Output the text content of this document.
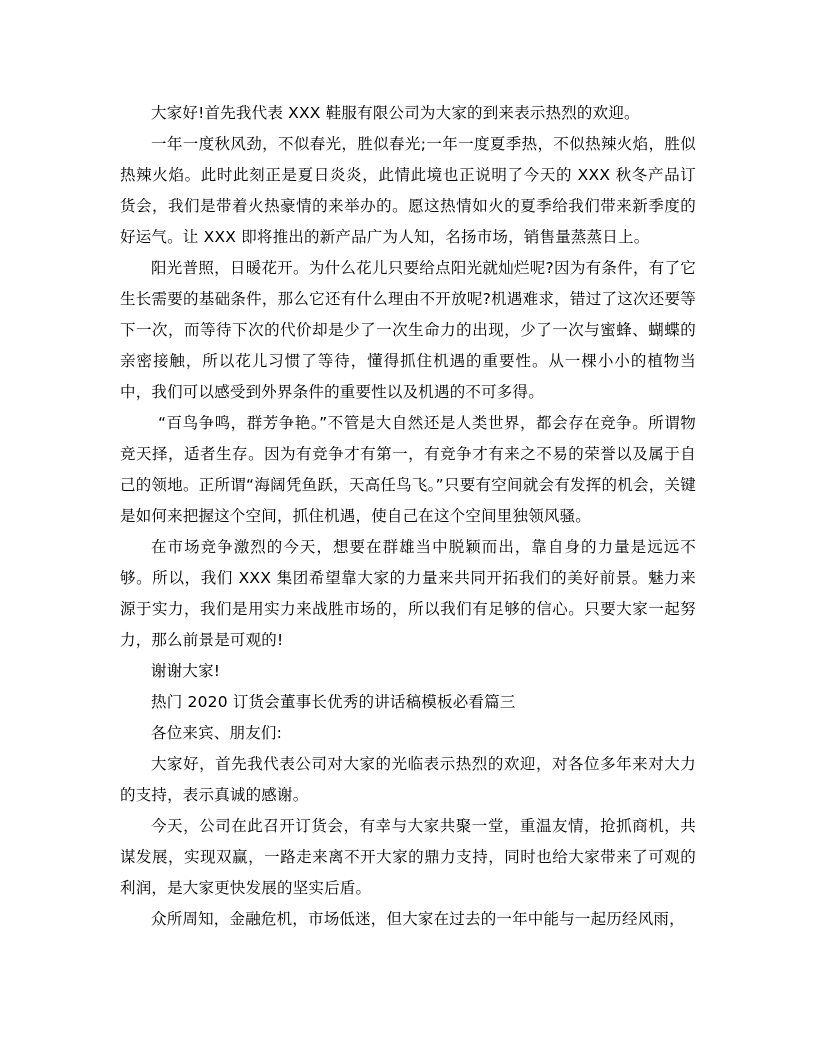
大家好!首先我代表 XXX 鞋服有限公司为大家的到来表示热烈的欢迎。

一年一度秋风劲，不似春光，胜似春光;一年一度夏季热，不似热辣火焰，胜似热辣火焰。此时此刻正是夏日炎炎，此情此境也正说明了今天的 XXX 秋冬产品订货会，我们是带着火热豪情的来举办的。愿这热情如火的夏季给我们带来新季度的好运气。让 XXX 即将推出的新产品广为人知，名扬市场，销售量蒸蒸日上。

阳光普照，日暖花开。为什么花儿只要给点阳光就灿烂呢?因为有条件，有了它生长需要的基础条件，那么它还有什么理由不开放呢?机遇难求，错过了这次还要等下一次，而等待下次的代价却是少了一次生命力的出现，少了一次与蜜蜂、蝴蝶的亲密接触，所以花儿习惯了等待，懂得抓住机遇的重要性。从一棵小小的植物当中，我们可以感受到外界条件的重要性以及机遇的不可多得。

“百鸟争鸣，群芳争艳。”不管是大自然还是人类世界，都会存在竞争。所谓物竞天择，适者生存。因为有竞争才有第一，有竞争才有来之不易的荣誉以及属于自己的领地。正所谓“海阔凭鱼跃，天高任鸟飞。”只要有空间就会有发挥的机会，关键是如何来把握这个空间，抓住机遇，使自己在这个空间里独领风骚。

在市场竞争激烈的今天，想要在群雄当中脱颖而出，靠自身的力量是远远不够。所以，我们 XXX 集团希望靠大家的力量来共同开拓我们的美好前景。魅力来源于实力，我们是用实力来战胜市场的，所以我们有足够的信心。只要大家一起努力，那么前景是可观的!

谢谢大家!

热门 2020 订货会董事长优秀的讲话稿模板必看篇三

各位来宾、朋友们:

大家好，首先我代表公司对大家的光临表示热烈的欢迎，对各位多年来对大力的支持，表示真诚的感谢。

今天，公司在此召开订货会，有幸与大家共聚一堂，重温友情，抢抓商机，共谋发展，实现双赢，一路走来离不开大家的鼎力支持，同时也给大家带来了可观的利润，是大家更快发展的坚实后盾。

众所周知，金融危机，市场低迷，但大家在过去的一年中能与一起历经风雨，
